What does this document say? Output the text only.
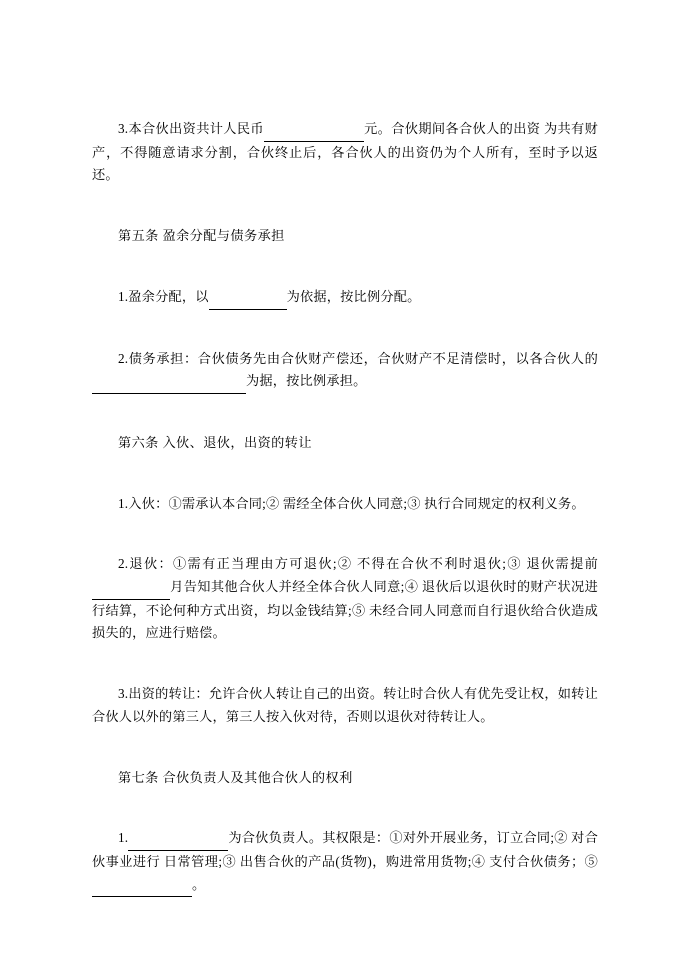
3.本合伙出资共计人民币	元。合伙期间各合伙人的出资 为共有财产，不得随意请求分割，合伙终止后，各合伙人的出资仍为个人所有，至时予以返还。
第五条 盈余分配与债务承担
1.盈余分配，以	为依据，按比例分配。
2.债务承担：合伙债务先由合伙财产偿还，合伙财产不足清偿时，以各合伙人的  为据，按比例承担。
第六条 入伙、退伙，出资的转让
1.入伙：①需承认本合同;② 需经全体合伙人同意;③ 执行合同规定的权利义务。
2.退伙：①需有正当理由方可退伙;② 不得在合伙不利时退伙;③ 退伙需提前 月告知其他合伙人并经全体合伙人同意;④ 退伙后以退伙时的财产状况进行结算，不论何种方式出资，均以金钱结算;⑤ 未经合同人同意而自行退伙给合伙造成损失的，应进行赔偿。
3.出资的转让：允许合伙人转让自己的出资。转让时合伙人有优先受让权，如转让合伙人以外的第三人，第三人按入伙对待，否则以退伙对待转让人。
第七条 合伙负责人及其他合伙人的权利
1.	为合伙负责人。其权限是：①对外开展业务，订立合同;② 对合伙事业进行 日常管理;③ 出售合伙的产品(货物)，购进常用货物;④ 支付合伙债务；⑤ 。
